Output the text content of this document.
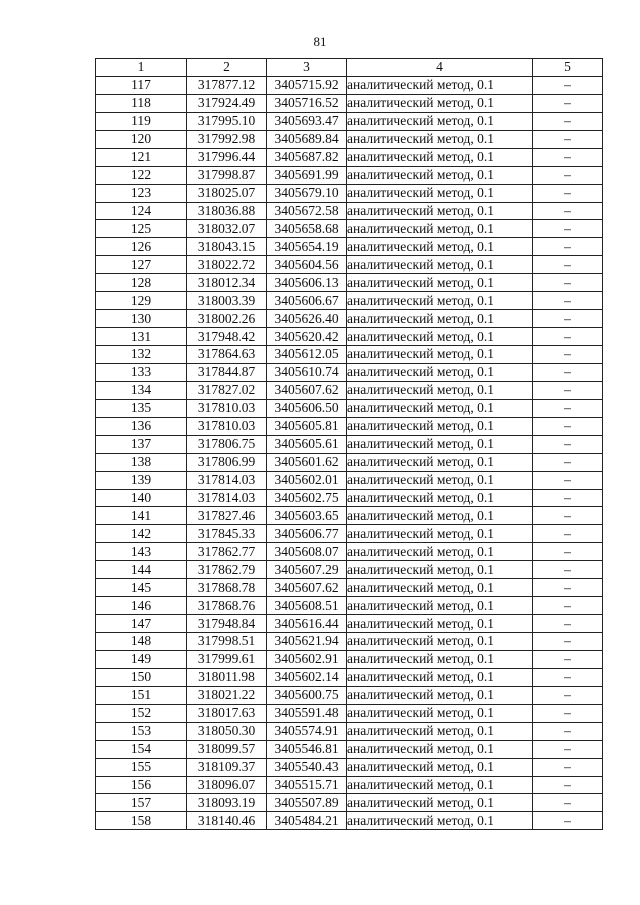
81
1	2	3	4	5
117	317877.12	3405715.92	аналитический метод, 0.1	–
118	317924.49	3405716.52	аналитический метод, 0.1	–
119	317995.10	3405693.47	аналитический метод, 0.1	–
120	317992.98	3405689.84	аналитический метод, 0.1	–
121	317996.44	3405687.82	аналитический метод, 0.1	–
122	317998.87	3405691.99	аналитический метод, 0.1	–
123	318025.07	3405679.10	аналитический метод, 0.1	–
124	318036.88	3405672.58	аналитический метод, 0.1	–
125	318032.07	3405658.68	аналитический метод, 0.1	–
126	318043.15	3405654.19	аналитический метод, 0.1	–
127	318022.72	3405604.56	аналитический метод, 0.1	–
128	318012.34	3405606.13	аналитический метод, 0.1	–
129	318003.39	3405606.67	аналитический метод, 0.1	–
130	318002.26	3405626.40	аналитический метод, 0.1	–
131	317948.42	3405620.42	аналитический метод, 0.1	–
132	317864.63	3405612.05	аналитический метод, 0.1	–
133	317844.87	3405610.74	аналитический метод, 0.1	–
134	317827.02	3405607.62	аналитический метод, 0.1	–
135	317810.03	3405606.50	аналитический метод, 0.1	–
136	317810.03	3405605.81	аналитический метод, 0.1	–
137	317806.75	3405605.61	аналитический метод, 0.1	–
138	317806.99	3405601.62	аналитический метод, 0.1	–
139	317814.03	3405602.01	аналитический метод, 0.1	–
140	317814.03	3405602.75	аналитический метод, 0.1	–
141	317827.46	3405603.65	аналитический метод, 0.1	–
142	317845.33	3405606.77	аналитический метод, 0.1	–
143	317862.77	3405608.07	аналитический метод, 0.1	–
144	317862.79	3405607.29	аналитический метод, 0.1	–
145	317868.78	3405607.62	аналитический метод, 0.1	–
146	317868.76	3405608.51	аналитический метод, 0.1	–
147	317948.84	3405616.44	аналитический метод, 0.1	–
148	317998.51	3405621.94	аналитический метод, 0.1	–
149	317999.61	3405602.91	аналитический метод, 0.1	–
150	318011.98	3405602.14	аналитический метод, 0.1	–
151	318021.22	3405600.75	аналитический метод, 0.1	–
152	318017.63	3405591.48	аналитический метод, 0.1	–
153	318050.30	3405574.91	аналитический метод, 0.1	–
154	318099.57	3405546.81	аналитический метод, 0.1	–
155	318109.37	3405540.43	аналитический метод, 0.1	–
156	318096.07	3405515.71	аналитический метод, 0.1	–
157	318093.19	3405507.89	аналитический метод, 0.1	–
158	318140.46	3405484.21	аналитический метод, 0.1	–
